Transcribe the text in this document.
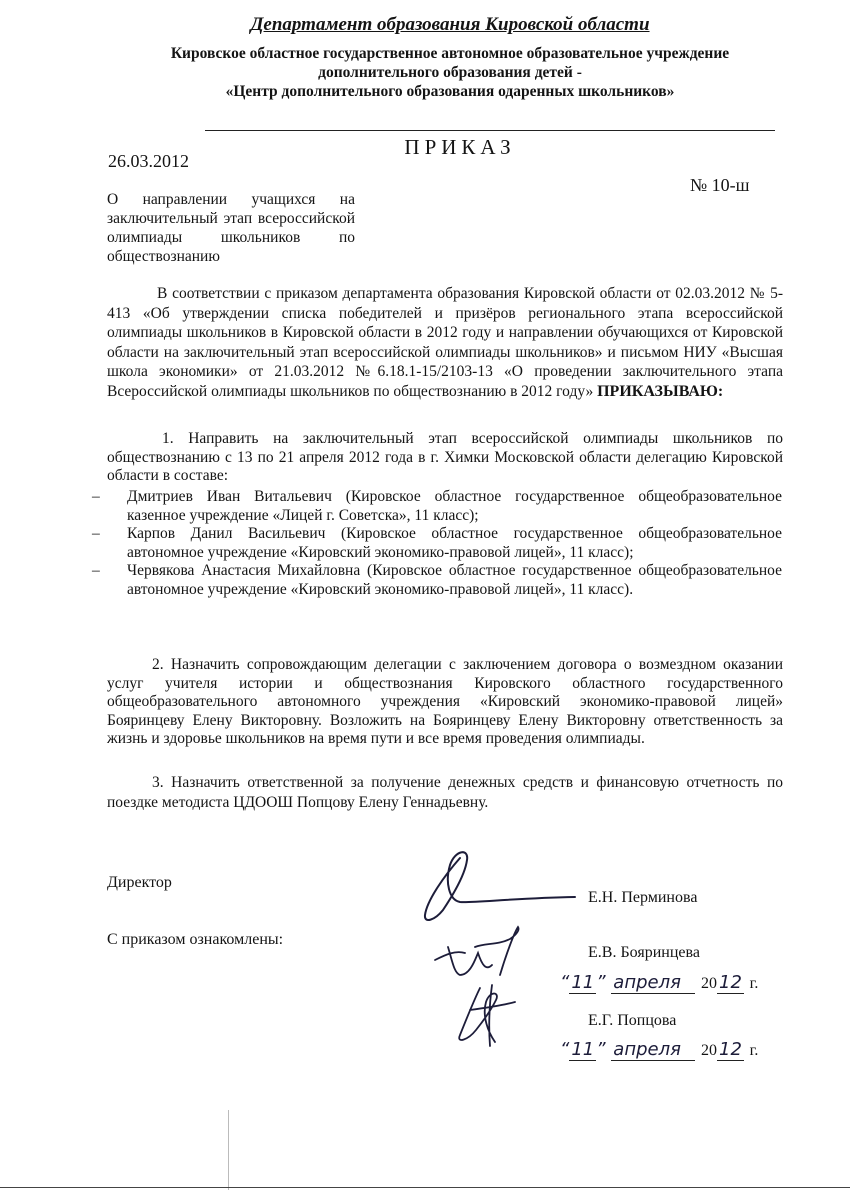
Департамент образования Кировской области
Кировское областное государственное автономное образовательное учреждение
дополнительного образования детей -
«Центр дополнительного образования одаренных школьников»
ПРИКАЗ
26.03.2012
№ 10-ш
О направлении учащихся на заключительный этап всероссийской олимпиады школьников по обществознанию
В соответствии с приказом департамента образования Кировской области от 02.03.2012 № 5-413 «Об утверждении списка победителей и призёров регионального этапа всероссийской олимпиады школьников в Кировской области в 2012 году и направлении обучающихся от Кировской области на заключительный этап всероссийской олимпиады школьников» и письмом НИУ «Высшая школа экономики» от 21.03.2012 №6.18.1-15/2103-13 «О проведении заключительного этапа Всероссийской олимпиады школьников по обществознанию в 2012 году» ПРИКАЗЫВАЮ:
1. Направить на заключительный этап всероссийской олимпиады школьников по обществознанию с 13 по 21 апреля 2012 года в г. Химки Московской области делегацию Кировской области в составе:
– Дмитриев Иван Витальевич (Кировское областное государственное общеобразовательное казенное учреждение «Лицей г. Советска», 11 класс);
– Карпов Данил Васильевич (Кировское областное государственное общеобразовательное автономное учреждение «Кировский экономико-правовой лицей», 11 класс);
– Червякова Анастасия Михайловна (Кировское областное государственное общеобразовательное автономное учреждение «Кировский экономико-правовой лицей», 11 класс).
2. Назначить сопровождающим делегации с заключением договора о возмездном оказании услуг учителя истории и обществознания Кировского областного государственного общеобразовательного автономного учреждения «Кировский экономико-правовой лицей» Бояринцеву Елену Викторовну. Возложить на Бояринцеву Елену Викторовну ответственность за жизнь и здоровье школьников на время пути и все время проведения олимпиады.
3. Назначить ответственной за получение денежных средств и финансовую отчетность по поездке методиста ЦДООШ Попцову Елену Геннадьевну.
Директор
Е.Н. Перминова
С приказом ознакомлены:
Е.В. Бояринцева
“ 11 ” апреля 20 12 г.
Е.Г. Попцова
“ 11 ” апреля 20 12 г.
